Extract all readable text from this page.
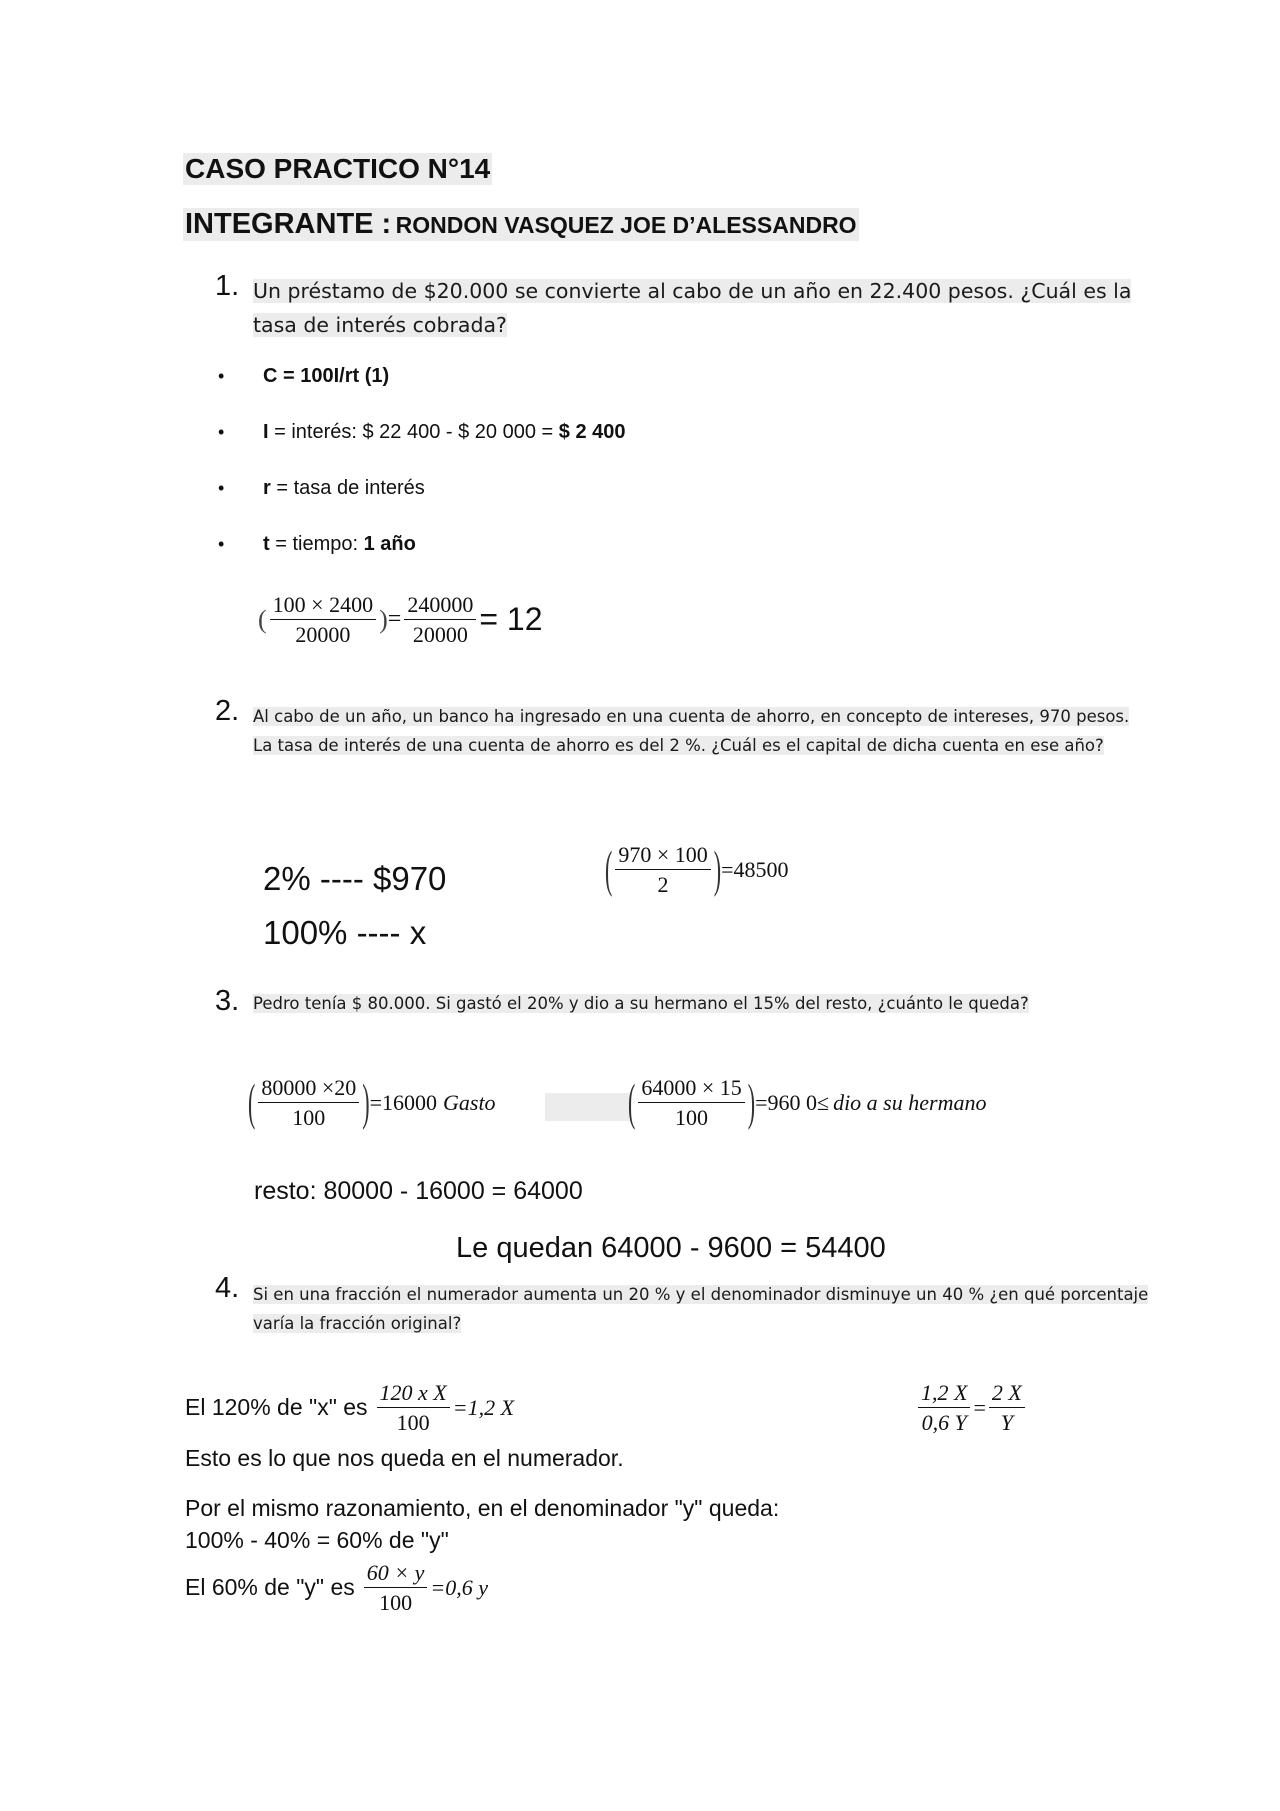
CASO PRACTICO N°14
INTEGRANTE : RONDON VASQUEZ JOE D’ALESSANDRO
1. Un préstamo de $20.000 se convierte al cabo de un año en 22.400 pesos. ¿Cuál es la
tasa de interés cobrada?
• C = 100I/rt (1)
• I = interés: $ 22 400 - $ 20 000 = $ 2 400
• r = tasa de interés
• t = tiempo: 1 año
( $\frac{100 \times 2400}{20000}$ ) = $\frac{240000}{20000} = 12$
2. Al cabo de un año, un banco ha ingresado en una cuenta de ahorro, en concepto de intereses, 970 pesos.
La tasa de interés de una cuenta de ahorro es del 2 %. ¿Cuál es el capital de dicha cuenta en ese año?
2% ---- $970
100% ---- x
( $\frac{970 \times 100}{2}$ ) =48500
3. Pedro tenía $ 80.000. Si gastó el 20% y dio a su hermano el 15% del resto, ¿cuánto le queda?
( $\frac{80000 \times 20}{100}$ ) =16000 Gasto	( $\frac{64000 \times 15}{100}$ ) =960 0≤ dio a su hermano
resto: 80000 - 16000 = 64000
Le quedan 64000 - 9600 = 54400
4. Si en una fracción el numerador aumenta un 20 % y el denominador disminuye un 40 % ¿en qué porcentaje
varía la fracción original?
El 120% de "x" es $\frac{\text{120 x X}}{100} =1,2$ X	$\frac{1,2 X}{0,6 Y} = \frac{2 X}{Y}$
Esto es lo que nos queda en el numerador.
Por el mismo razonamiento, en el denominador "y" queda:
100% - 40% = 60% de "y"
El 60% de "y" es $\frac{60 \times y}{100} =0,6$ y
